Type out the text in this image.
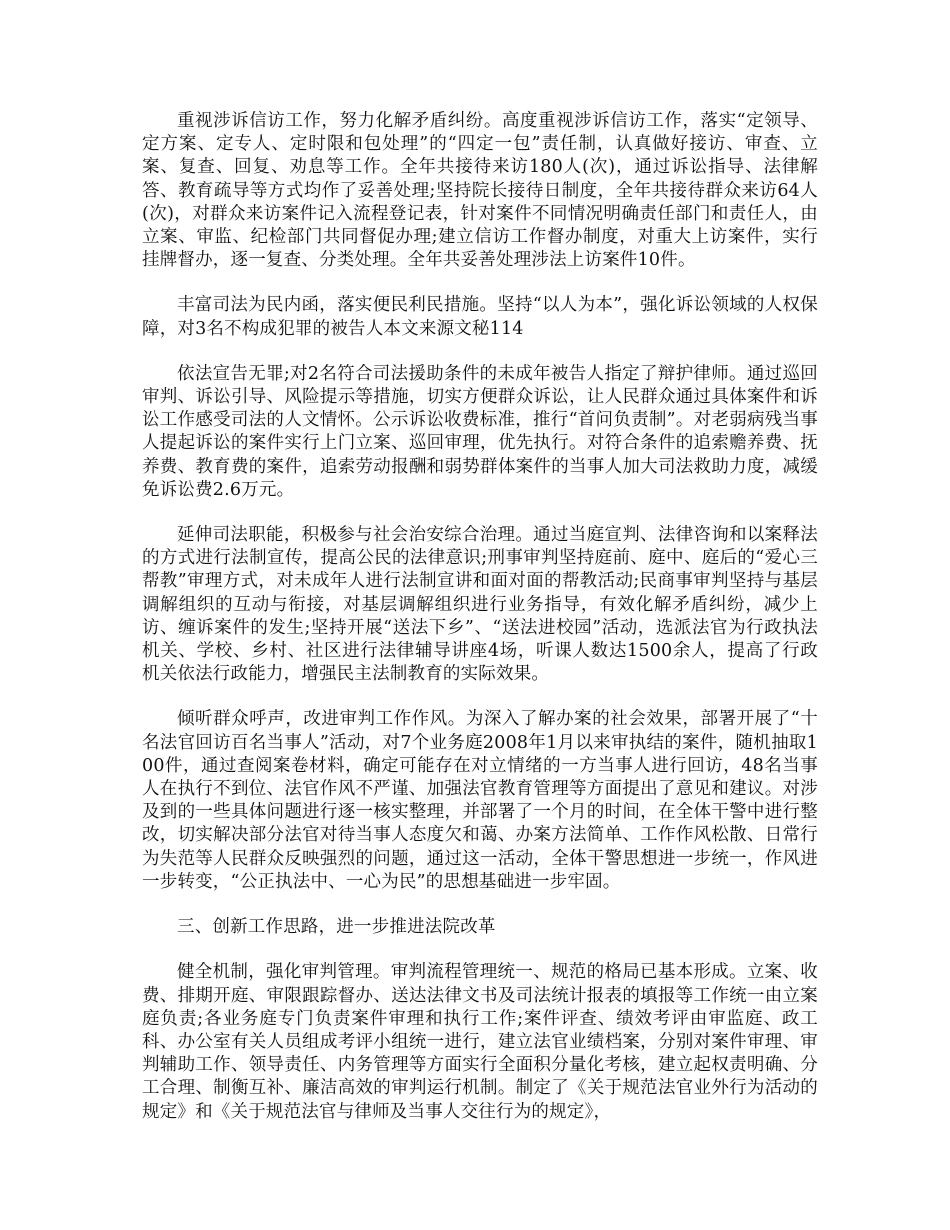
重视涉诉信访工作，努力化解矛盾纠纷。高度重视涉诉信访工作，落实“定领导、定方案、定专人、定时限和包处理”的“四定一包”责任制，认真做好接访、审查、立案、复查、回复、劝息等工作。全年共接待来访180人(次)，通过诉讼指导、法律解答、教育疏导等方式均作了妥善处理;坚持院长接待日制度，全年共接待群众来访64人(次)，对群众来访案件记入流程登记表，针对案件不同情况明确责任部门和责任人，由立案、审监、纪检部门共同督促办理;建立信访工作督办制度，对重大上访案件，实行挂牌督办，逐一复查、分类处理。全年共妥善处理涉法上访案件10件。

丰富司法为民内函，落实便民利民措施。坚持“以人为本”，强化诉讼领域的人权保障，对3名不构成犯罪的被告人本文来源文秘114

依法宣告无罪;对2名符合司法援助条件的未成年被告人指定了辩护律师。通过巡回审判、诉讼引导、风险提示等措施，切实方便群众诉讼，让人民群众通过具体案件和诉讼工作感受司法的人文情怀。公示诉讼收费标准，推行“首问负责制”。对老弱病残当事人提起诉讼的案件实行上门立案、巡回审理，优先执行。对符合条件的追索赡养费、抚养费、教育费的案件，追索劳动报酬和弱势群体案件的当事人加大司法救助力度，减缓免诉讼费2.6万元。

延伸司法职能，积极参与社会治安综合治理。通过当庭宣判、法律咨询和以案释法的方式进行法制宣传，提高公民的法律意识;刑事审判坚持庭前、庭中、庭后的“爱心三帮教”审理方式，对未成年人进行法制宣讲和面对面的帮教活动;民商事审判坚持与基层调解组织的互动与衔接，对基层调解组织进行业务指导，有效化解矛盾纠纷，减少上访、缠诉案件的发生;坚持开展“送法下乡”、“送法进校园”活动，选派法官为行政执法机关、学校、乡村、社区进行法律辅导讲座4场，听课人数达1500余人，提高了行政机关依法行政能力，增强民主法制教育的实际效果。

倾听群众呼声，改进审判工作作风。为深入了解办案的社会效果，部署开展了“十名法官回访百名当事人”活动，对7个业务庭2008年1月以来审执结的案件，随机抽取100件，通过查阅案卷材料，确定可能存在对立情绪的一方当事人进行回访，48名当事人在执行不到位、法官作风不严谨、加强法官教育管理等方面提出了意见和建议。对涉及到的一些具体问题进行逐一核实整理，并部署了一个月的时间，在全体干警中进行整改，切实解决部分法官对待当事人态度欠和蔼、办案方法简单、工作作风松散、日常行为失范等人民群众反映强烈的问题，通过这一活动，全体干警思想进一步统一，作风进一步转变，“公正执法中、一心为民”的思想基础进一步牢固。

三、创新工作思路，进一步推进法院改革

健全机制，强化审判管理。审判流程管理统一、规范的格局已基本形成。立案、收费、排期开庭、审限跟踪督办、送达法律文书及司法统计报表的填报等工作统一由立案庭负责;各业务庭专门负责案件审理和执行工作;案件评查、绩效考评由审监庭、政工科、办公室有关人员组成考评小组统一进行，建立法官业绩档案，分别对案件审理、审判辅助工作、领导责任、内务管理等方面实行全面积分量化考核，建立起权责明确、分工合理、制衡互补、廉洁高效的审判运行机制。制定了《关于规范法官业外行为活动的规定》和《关于规范法官与律师及当事人交往行为的规定》，
